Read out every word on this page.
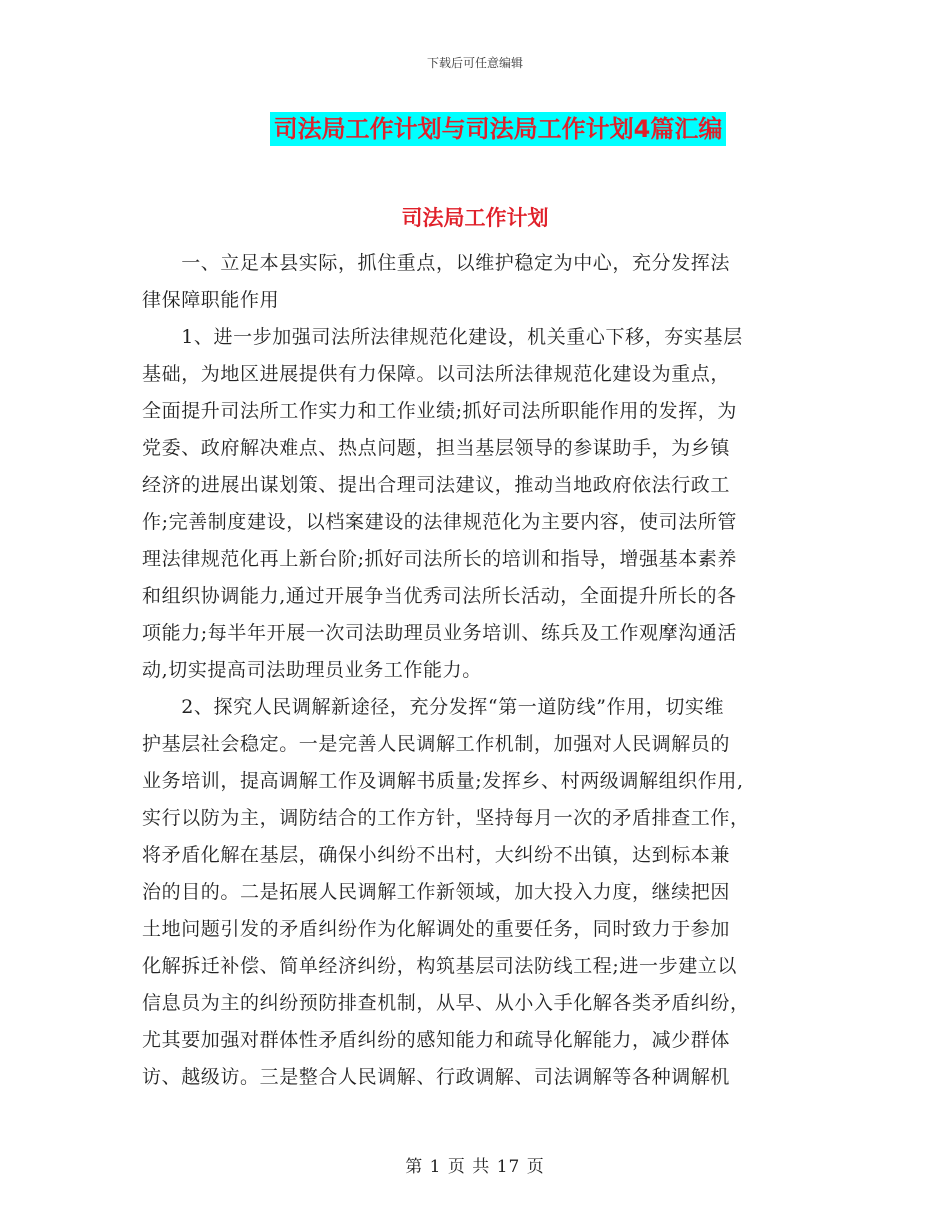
下载后可任意编辑
司法局工作计划与司法局工作计划4篇汇编
司法局工作计划
　　一、立足本县实际，抓住重点，以维护稳定为中心，充分发挥法
律保障职能作用
　　1、进一步加强司法所法律规范化建设，机关重心下移，夯实基层
基础，为地区进展提供有力保障。以司法所法律规范化建设为重点，
全面提升司法所工作实力和工作业绩;抓好司法所职能作用的发挥，为
党委、政府解决难点、热点问题，担当基层领导的参谋助手，为乡镇
经济的进展出谋划策、提出合理司法建议，推动当地政府依法行政工
作;完善制度建设，以档案建设的法律规范化为主要内容，使司法所管
理法律规范化再上新台阶;抓好司法所长的培训和指导，增强基本素养
和组织协调能力,通过开展争当优秀司法所长活动，全面提升所长的各
项能力;每半年开展一次司法助理员业务培训、练兵及工作观摩沟通活
动,切实提高司法助理员业务工作能力。
　　2、探究人民调解新途径，充分发挥“第一道防线”作用，切实维
护基层社会稳定。一是完善人民调解工作机制，加强对人民调解员的
业务培训，提高调解工作及调解书质量;发挥乡、村两级调解组织作用,
实行以防为主，调防结合的工作方针，坚持每月一次的矛盾排查工作，
将矛盾化解在基层，确保小纠纷不出村，大纠纷不出镇，达到标本兼
治的目的。二是拓展人民调解工作新领域，加大投入力度，继续把因
土地问题引发的矛盾纠纷作为化解调处的重要任务，同时致力于参加
化解拆迁补偿、简单经济纠纷，构筑基层司法防线工程;进一步建立以
信息员为主的纠纷预防排查机制，从早、从小入手化解各类矛盾纠纷，
尤其要加强对群体性矛盾纠纷的感知能力和疏导化解能力，减少群体
访、越级访。三是整合人民调解、行政调解、司法调解等各种调解机
第 1 页 共 17 页
